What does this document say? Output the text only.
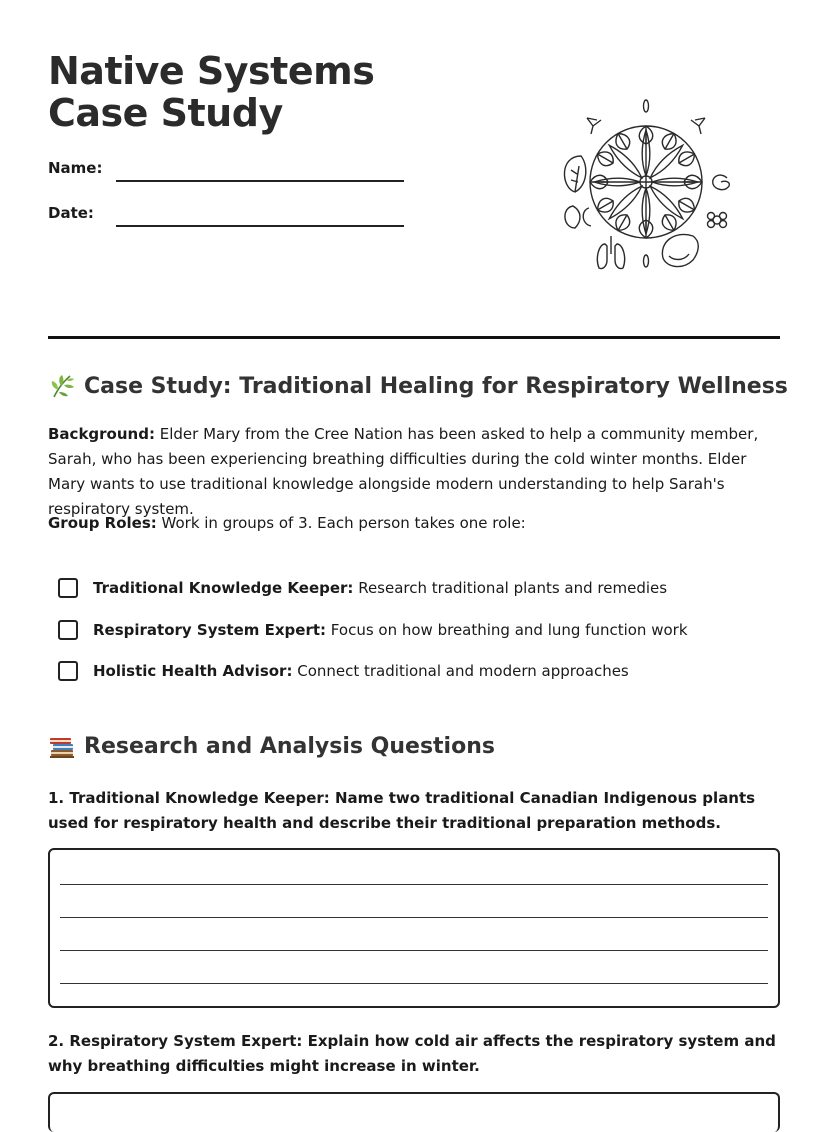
Native Systems Case Study
Name:
Date:
Case Study: Traditional Healing for Respiratory Wellness

Background: Elder Mary from the Cree Nation has been asked to help a community member, Sarah, who has been experiencing breathing difficulties during the cold winter months. Elder Mary wants to use traditional knowledge alongside modern understanding to help Sarah's respiratory system.

Group Roles: Work in groups of 3. Each person takes one role:

Traditional Knowledge Keeper: Research traditional plants and remedies
Respiratory System Expert: Focus on how breathing and lung function work
Holistic Health Advisor: Connect traditional and modern approaches
Research and Analysis Questions

1. Traditional Knowledge Keeper: Name two traditional Canadian Indigenous plants used for respiratory health and describe their traditional preparation methods.

2. Respiratory System Expert: Explain how cold air affects the respiratory system and why breathing difficulties might increase in winter.
